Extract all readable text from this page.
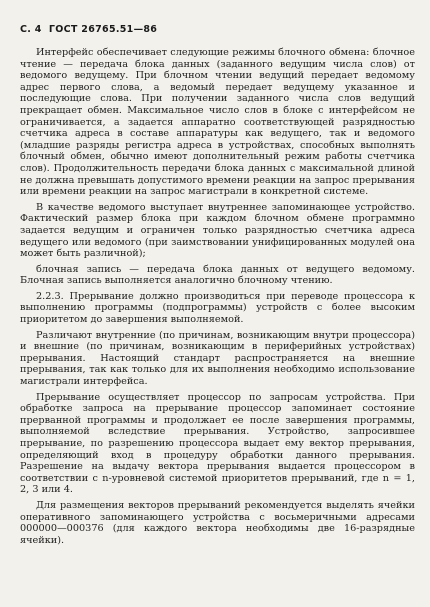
С. 4 ГОСТ 26765.51—86

Интерфейс обеспечивает следующие режимы блочного обмена: блочное чтение — передача блока данных (заданного ведущим числа слов) от ведомого ведущему. При блочном чтении ведущий передает ведомому адрес первого слова, а ведомый передает ведущему указанное и последующие слова. При получении заданного числа слов ведущий прекращает обмен. Максимальное число слов в блоке с интерфейсом не ограничивается, а задается аппаратно соответствующей разрядностью счетчика адреса в составе аппаратуры как ведущего, так и ведомого (младшие разряды регистра адреса в устройствах, способных выполнять блочный обмен, обычно имеют дополнительный режим работы счетчика слов). Продолжительность передачи блока данных с максимальной длиной не должна превышать допустимого времени реакции на запрос прерывания или времени реакции на запрос магистрали в конкретной системе.

В качестве ведомого выступает внутреннее запоминающее устройство. Фактический размер блока при каждом блочном обмене программно задается ведущим и ограничен только разрядностью счетчика адреса ведущего или ведомого (при заимствовании унифицированных модулей она может быть различной);

блочная запись — передача блока данных от ведущего ведомому. Блочная запись выполняется аналогично блочному чтению.

2.2.3. Прерывание должно производиться при переводе процессора к выполнению программы (подпрограммы) устройств с более высоким приоритетом до завершения выполняемой.

Различают внутренние (по причинам, возникающим внутри процессора) и внешние (по причинам, возникающим в периферийных устройствах) прерывания. Настоящий стандарт распространяется на внешние прерывания, так как только для их выполнения необходимо использование магистрали интерфейса.

Прерывание осуществляет процессор по запросам устройства. При обработке запроса на прерывание процессор запоминает состояние прерванной программы и продолжает ее после завершения программы, выполняемой вследствие прерывания. Устройство, запросившее прерывание, по разрешению процессора выдает ему вектор прерывания, определяющий вход в процедуру обработки данного прерывания. Разрешение на выдачу вектора прерывания выдается процессором в соответствии с n-уровневой системой приоритетов прерываний, где n = 1, 2, 3 или 4.

Для размещения векторов прерываний рекомендуется выделять ячейки оперативного запоминающего устройства с восьмеричными адресами 000000—000376 (для каждого вектора необходимы две 16-разрядные ячейки).
